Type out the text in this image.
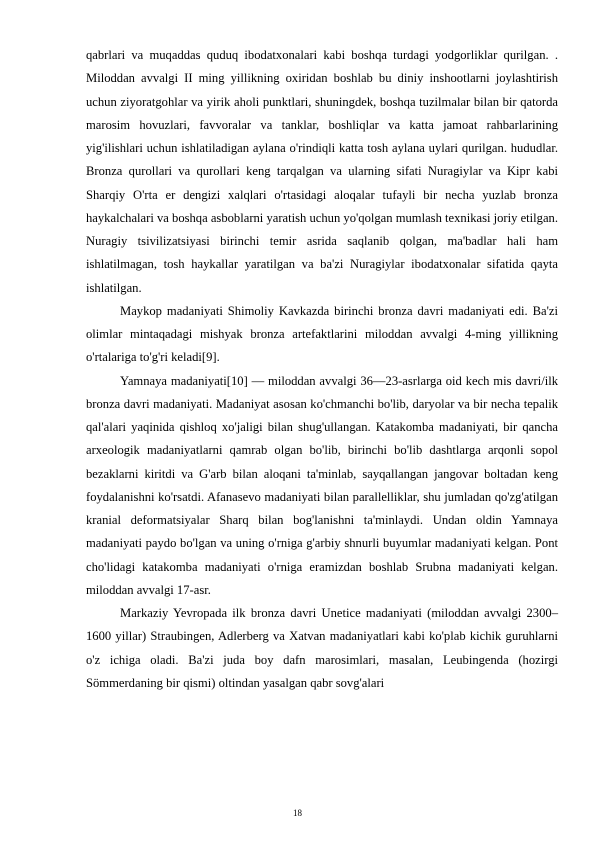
qabrlari va muqaddas quduq ibodatxonalari kabi boshqa turdagi yodgorliklar qurilgan. . Miloddan avvalgi II ming yillikning oxiridan boshlab bu diniy inshootlarni joylashtirish uchun ziyoratgohlar va yirik aholi punktlari, shuningdek, boshqa tuzilmalar bilan bir qatorda marosim hovuzlari, favvoralar va tanklar, boshliqlar va katta jamoat rahbarlarining yig'ilishlari uchun ishlatiladigan aylana o'rindiqli katta tosh aylana uylari qurilgan. hududlar. Bronza qurollari va qurollari keng tarqalgan va ularning sifati Nuragiylar va Kipr kabi Sharqiy O'rta er dengizi xalqlari o'rtasidagi aloqalar tufayli bir necha yuzlab bronza haykalchalari va boshqa asboblarni yaratish uchun yo'qolgan mumlash texnikasi joriy etilgan. Nuragiy tsivilizatsiyasi birinchi temir asrida saqlanib qolgan, ma'badlar hali ham ishlatilmagan, tosh haykallar yaratilgan va ba'zi Nuragiylar ibodatxonalar sifatida qayta ishlatilgan.

Maykop madaniyati Shimoliy Kavkazda birinchi bronza davri madaniyati edi. Ba'zi olimlar mintaqadagi mishyak bronza artefaktlarini miloddan avvalgi 4-ming yillikning o'rtalariga to'g'ri keladi[9].

Yamnaya madaniyati[10] — miloddan avvalgi 36—23-asrlarga oid kech mis davri/ilk bronza davri madaniyati. Madaniyat asosan ko'chmanchi bo'lib, daryolar va bir necha tepalik qal'alari yaqinida qishloq xo'jaligi bilan shug'ullangan. Katakomba madaniyati, bir qancha arxeologik madaniyatlarni qamrab olgan bo'lib, birinchi bo'lib dashtlarga arqonli sopol bezaklarni kiritdi va G'arb bilan aloqani ta'minlab, sayqallangan jangovar boltadan keng foydalanishni ko'rsatdi. Afanasevo madaniyati bilan parallelliklar, shu jumladan qo'zg'atilgan kranial deformatsiyalar Sharq bilan bog'lanishni ta'minlaydi. Undan oldin Yamnaya madaniyati paydo bo'lgan va uning o'rniga g'arbiy shnurli buyumlar madaniyati kelgan. Pont cho'lidagi katakomba madaniyati o'rniga eramizdan boshlab Srubna madaniyati kelgan. miloddan avvalgi 17-asr.

Markaziy Yevropada ilk bronza davri Unetice madaniyati (miloddan avvalgi 2300–1600 yillar) Straubingen, Adlerberg va Xatvan madaniyatlari kabi ko'plab kichik guruhlarni o'z ichiga oladi. Ba'zi juda boy dafn marosimlari, masalan, Leubingenda (hozirgi Sömmerdaning bir qismi) oltindan yasalgan qabr sovg'alari

18
